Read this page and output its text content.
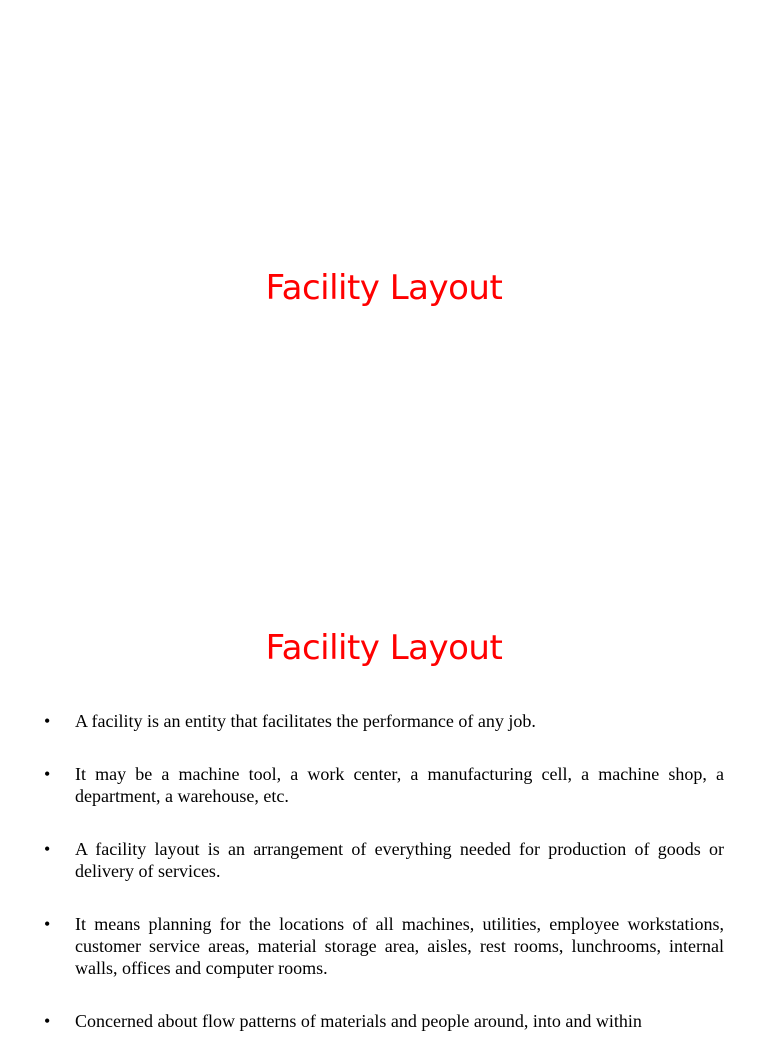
Facility Layout
Facility Layout
• A facility is an entity that facilitates the performance of any job.
• It may be a machine tool, a work center, a manufacturing cell, a machine shop, a department, a warehouse, etc.
• A facility layout is an arrangement of everything needed for production of goods or delivery of services.
• It means planning for the locations of all machines, utilities, employee workstations, customer service areas, material storage area, aisles, rest rooms, lunchrooms, internal walls, offices and computer rooms.
• Concerned about flow patterns of materials and people around, into and within
